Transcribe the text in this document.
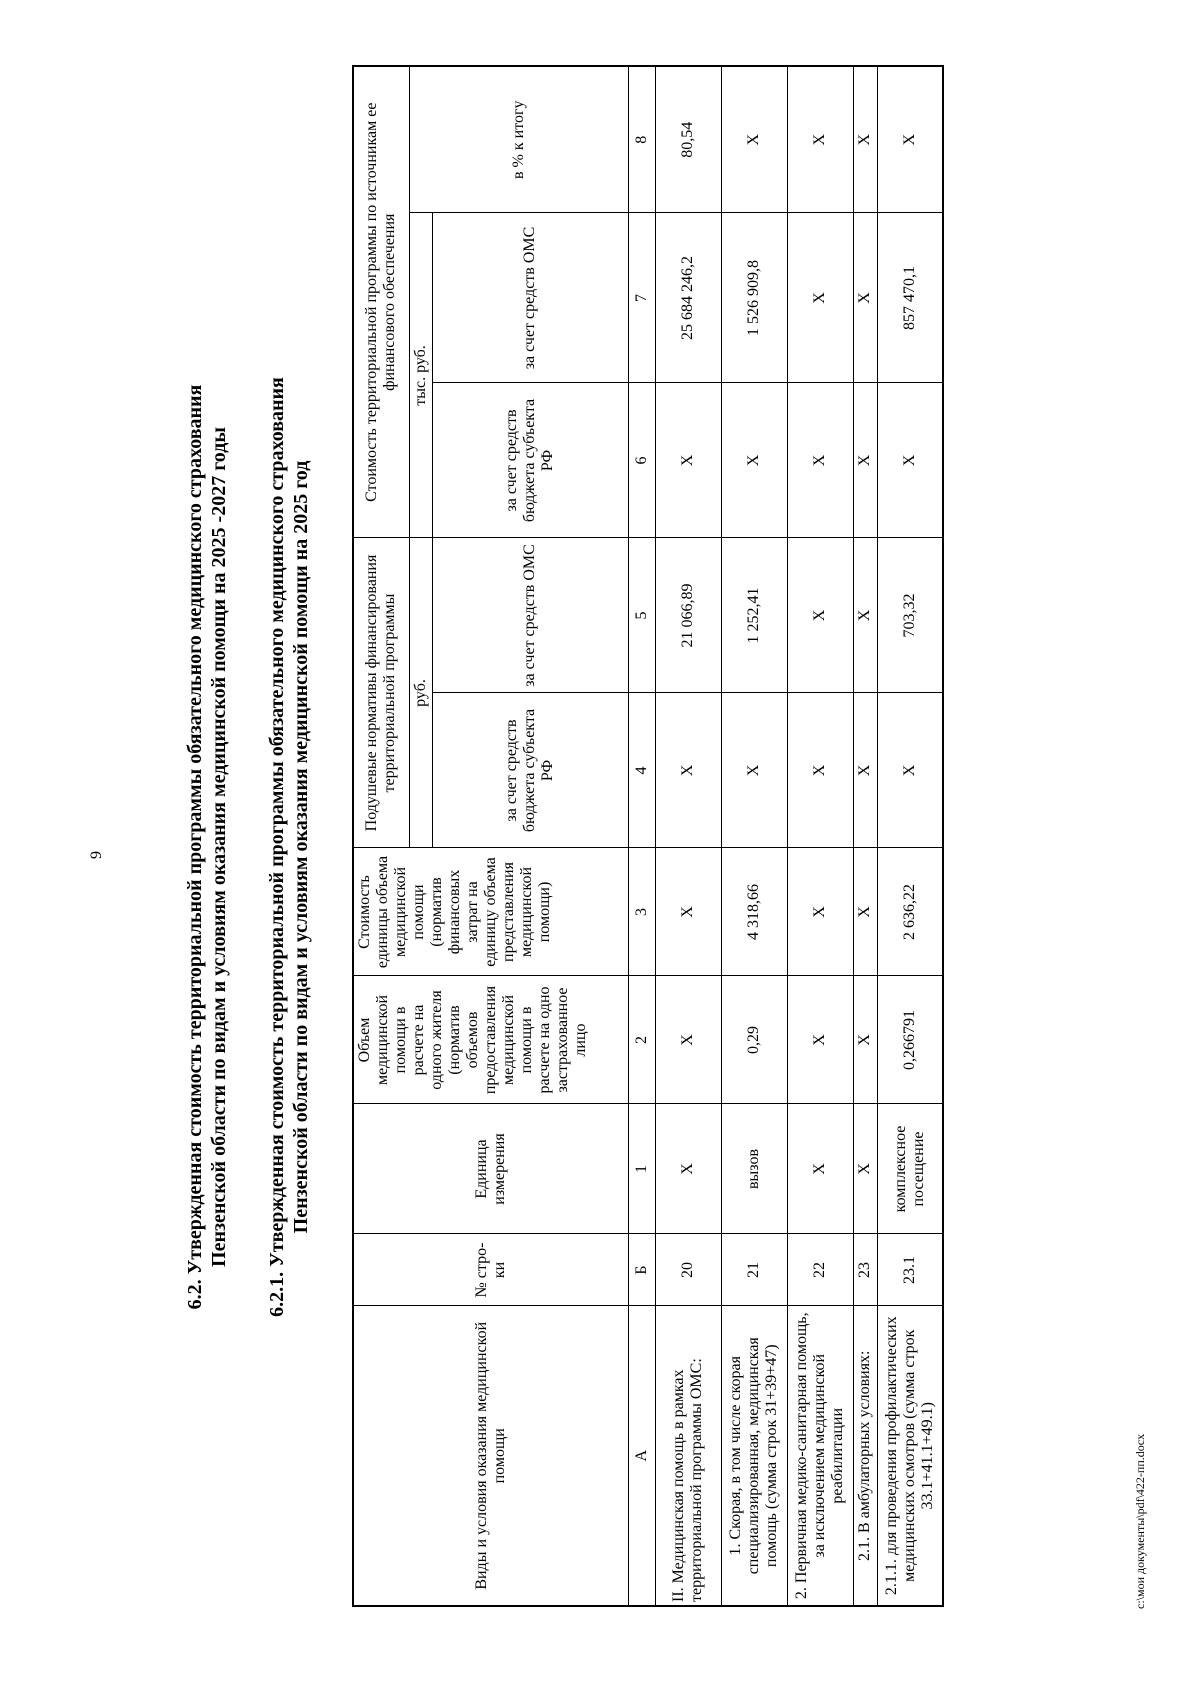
9	6.2. Утвержденная стоимость территориальной программы обязательного медицинского страхования Пензенской области по видам и условиям оказания медицинской помощи на 2025 -2027 годы 6.2.1. Утвержденная стоимость территориальной программы обязательного медицинского страхования Пензенской области по видам и условиям оказания медицинской помощи на 2025 год
Виды и условия оказания медицинской помощи	№ стро-ки	Единица измерения	Объем медицинской помощи в расчете на одного жителя (норматив объемов предоставления медицинской помощи в расчете на одно застрахованное лицо	Стоимость единицы объема медицинской помощи (норматив финансовых затрат на единицу объема представления медицинской помощи)	Подушевые нормативы финансирования территориальной программы		Стоимость территориальной программы по источникам ее финансового обеспечения		
					руб.		тыс. руб.		в % к итогу
					за счет средств бюджета субъекта РФ	за счет средств ОМС	за счет средств бюджета субъекта РФ	за счет средств ОМС	
А	Б	1	2	3	4	5	6	7	8
II. Медицинская помощь в рамках территориальной программы ОМС:	20	Х	Х	Х	Х	21 066,89	Х	25 684 246,2	80,54
1. Скорая, в том числе скорая специализированная, медицинская помощь (сумма строк 31+39+47)	21	вызов	0,29	4 318,66	Х	1 252,41	Х	1 526 909,8	Х
2. Первичная медико-санитарная помощь, за исключением медицинской реабилитации	22	Х	Х	Х	Х	Х	Х	Х	Х
2.1. В амбулаторных условиях:	23	Х	Х	Х	Х	Х	Х	Х	Х
2.1.1. для проведения профилактических медицинских осмотров (сумма строк 33.1+41.1+49.1)	23.1	комплексное посещение	0,266791	2 636,22	Х	703,32	Х	857 470,1	Х
c:\мои документы\pdf\422-пп.docx
